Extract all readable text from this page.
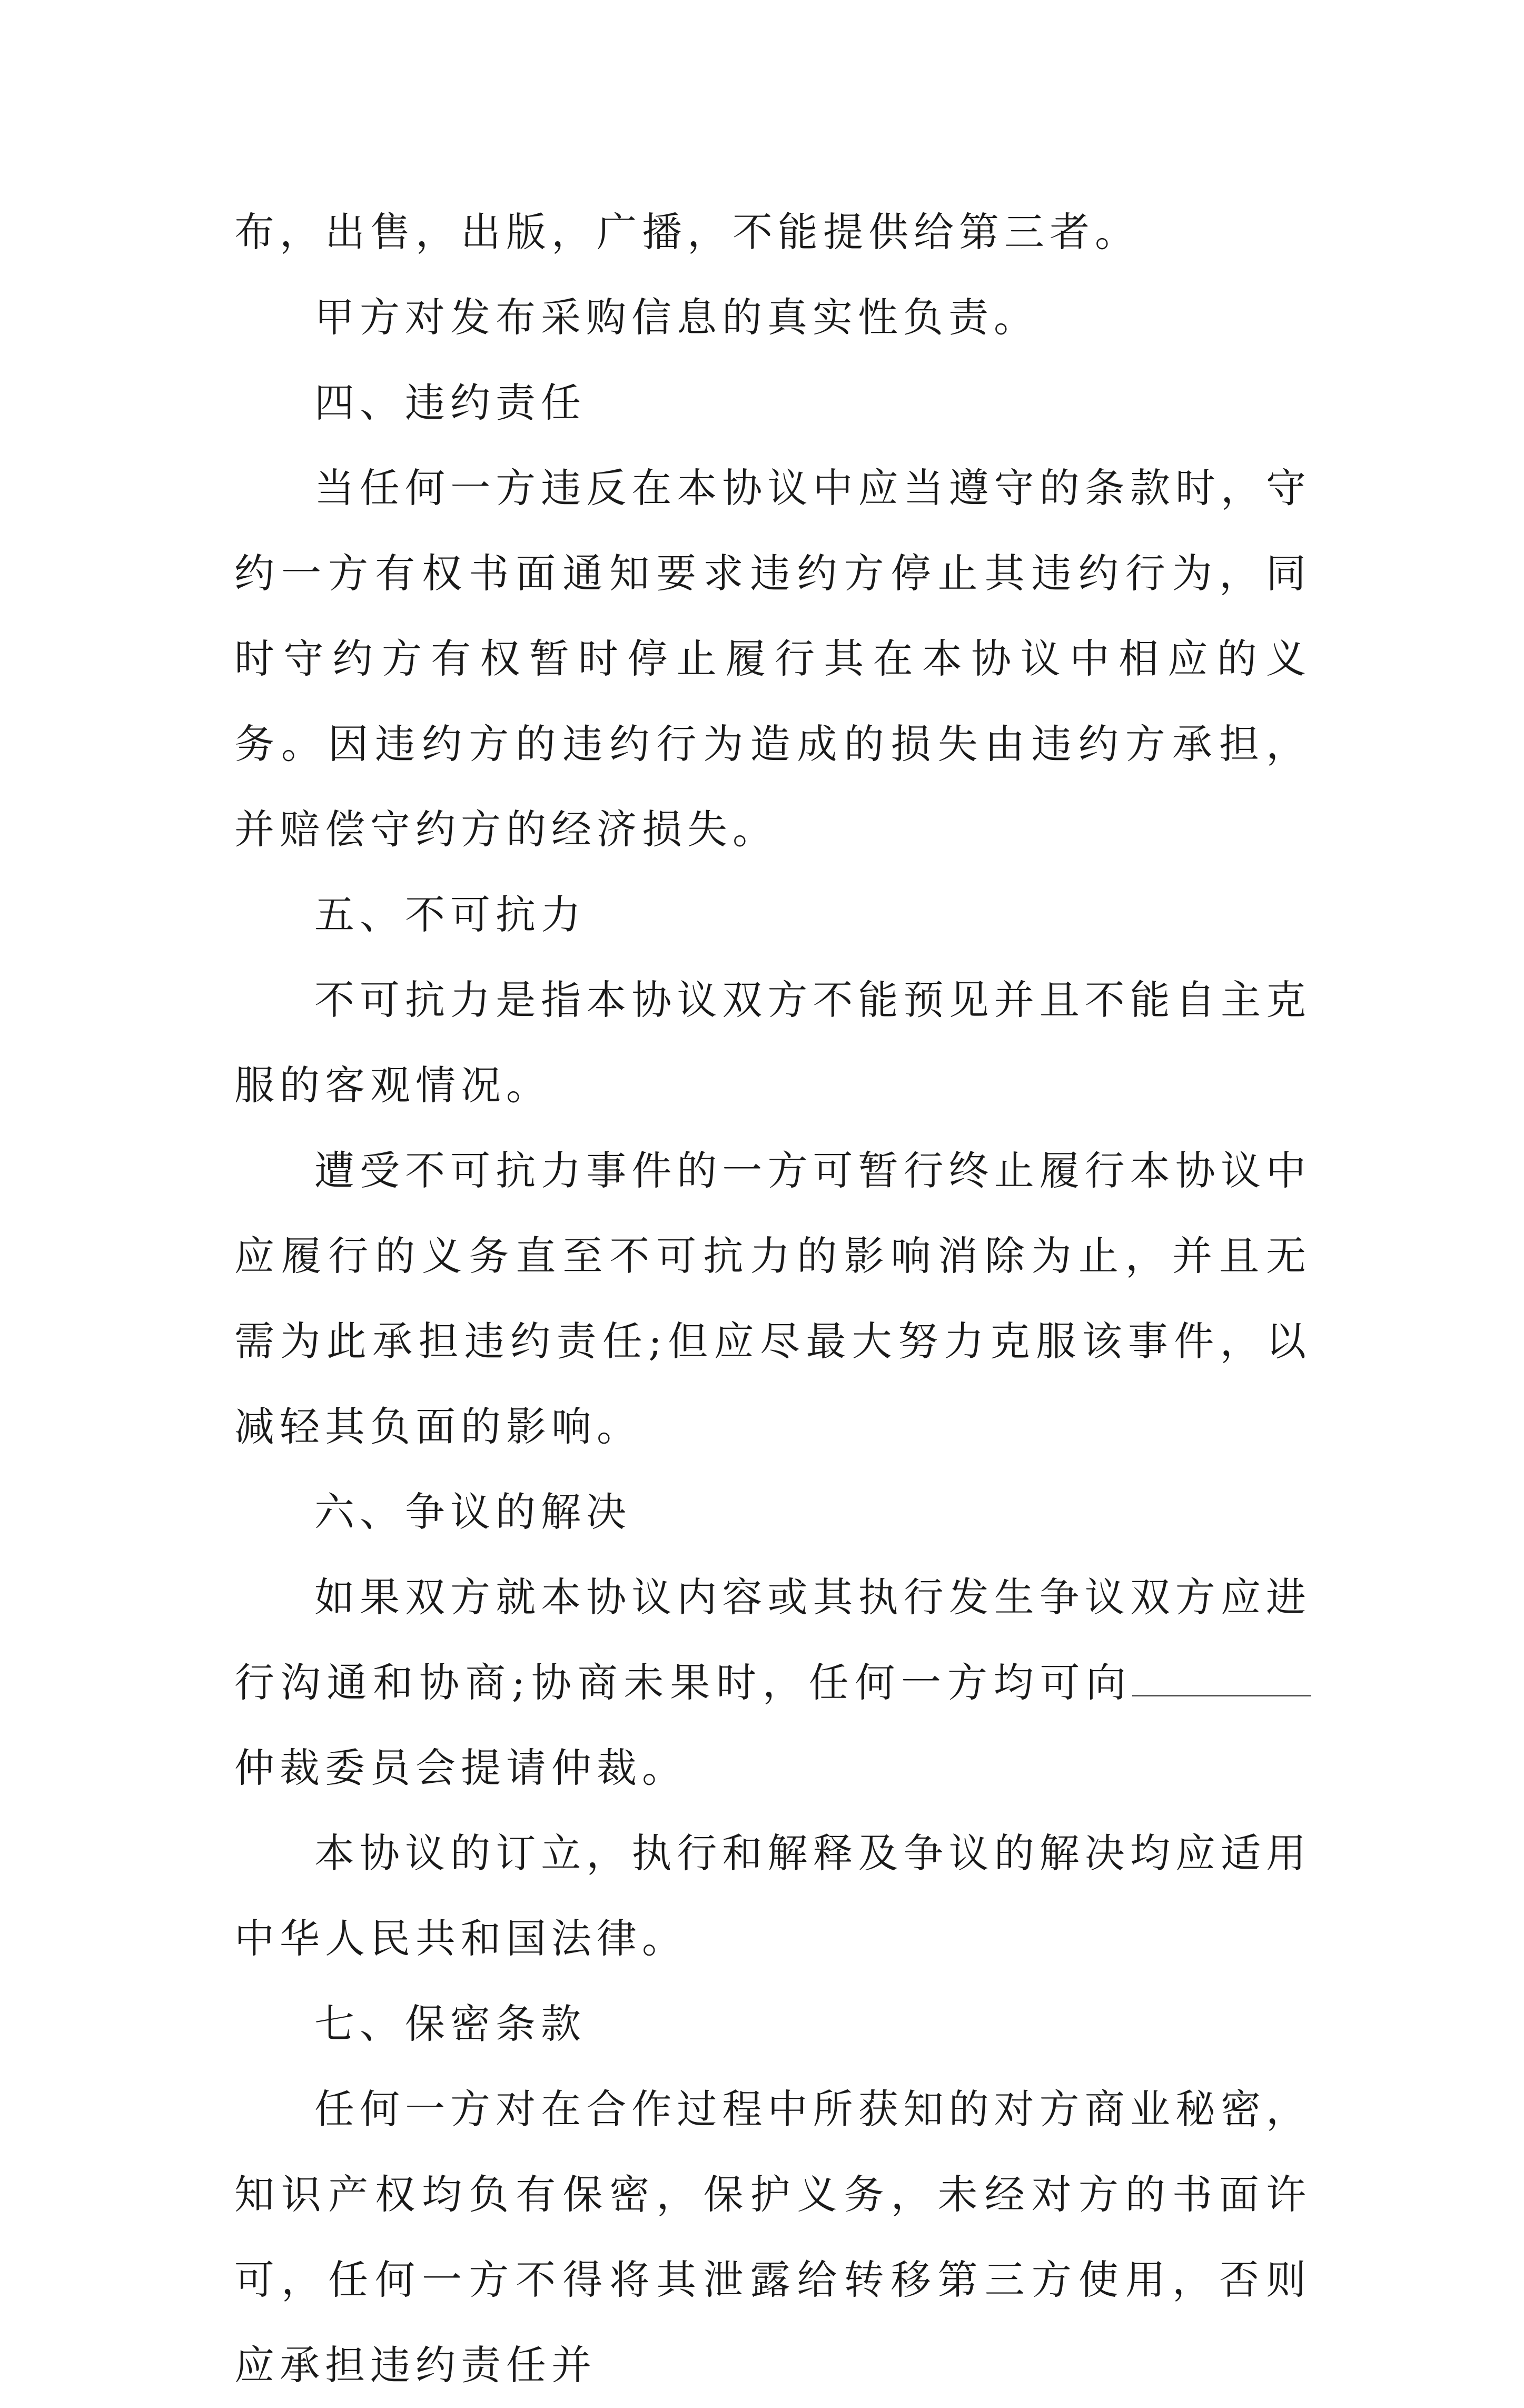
布，出售，出版，广播，不能提供给第三者。

甲方对发布采购信息的真实性负责。

四、违约责任

当任何一方违反在本协议中应当遵守的条款时，守约一方有权书面通知要求违约方停止其违约行为，同时守约方有权暂时停止履行其在本协议中相应的义务。因违约方的违约行为造成的损失由违约方承担，并赔偿守约方的经济损失。

五、不可抗力

不可抗力是指本协议双方不能预见并且不能自主克服的客观情况。

遭受不可抗力事件的一方可暂行终止履行本协议中应履行的义务直至不可抗力的影响消除为止，并且无需为此承担违约责任;但应尽最大努力克服该事件，以减轻其负面的影响。

六、争议的解决

如果双方就本协议内容或其执行发生争议双方应进行沟通和协商;协商未果时，任何一方均可向仲裁委员会提请仲裁。

本协议的订立，执行和解释及争议的解决均应适用中华人民共和国法律。

七、保密条款

任何一方对在合作过程中所获知的对方商业秘密，知识产权均负有保密，保护义务，未经对方的书面许可，任何一方不得将其泄露给转移第三方使用，否则应承担违约责任并
